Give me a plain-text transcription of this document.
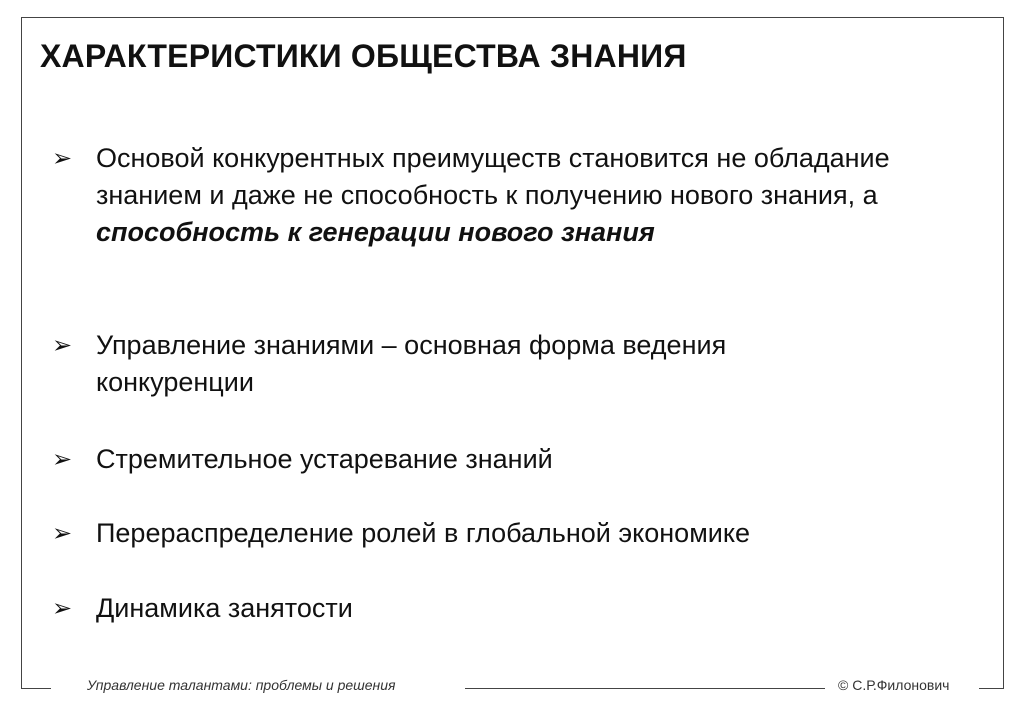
ХАРАКТЕРИСТИКИ ОБЩЕСТВА ЗНАНИЯ
➢ Основой конкурентных преимуществ становится не обладание знанием и даже не способность к получению нового знания, а способность к генерации нового знания
➢ Управление знаниями – основная форма ведения конкуренции
➢ Стремительное устаревание знаний
➢ Перераспределение ролей в глобальной экономике
➢ Динамика занятости
Управление талантами: проблемы и решения	© С.Р.Филонович
